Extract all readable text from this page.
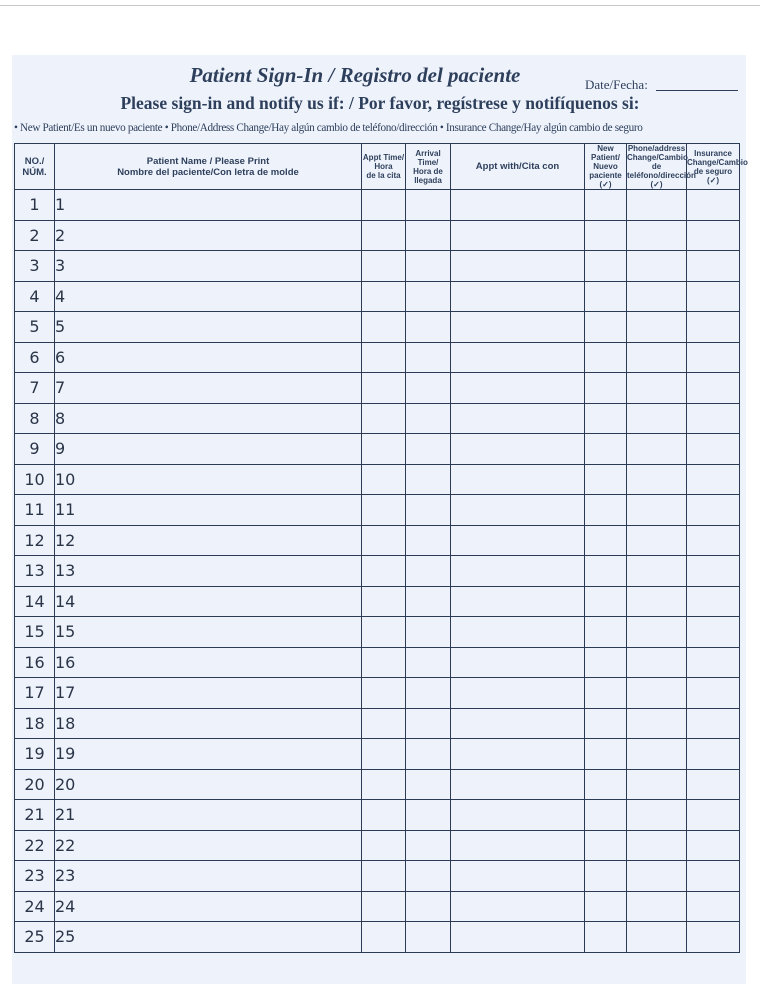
Patient Sign-In / Registro del paciente	Date/Fecha:
Please sign-in and notify us if: / Por favor, regístrese y notifíquenos si:
• New Patient/Es un nuevo paciente • Phone/Address Change/Hay algún cambio de teléfono/dirección • Insurance Change/Hay algún cambio de seguro
NO./
NÚM.	Patient Name / Please Print
Nombre del paciente/Con letra de molde	Appt Time/
Hora
de la cita	Arrival Time/
Hora de
llegada	Appt with/Cita con	New
Patient/
Nuevo
paciente
(✓)	Phone/address
Change/Cambio de
teléfono/dirección
(✓)	Insurance
Change/Cambio
de seguro
(✓)
1	1						
2	2						
3	3						
4	4						
5	5						
6	6						
7	7						
8	8						
9	9						
10	10						
11	11						
12	12						
13	13						
14	14						
15	15						
16	16						
17	17						
18	18						
19	19						
20	20						
21	21						
22	22						
23	23						
24	24						
25	25						
